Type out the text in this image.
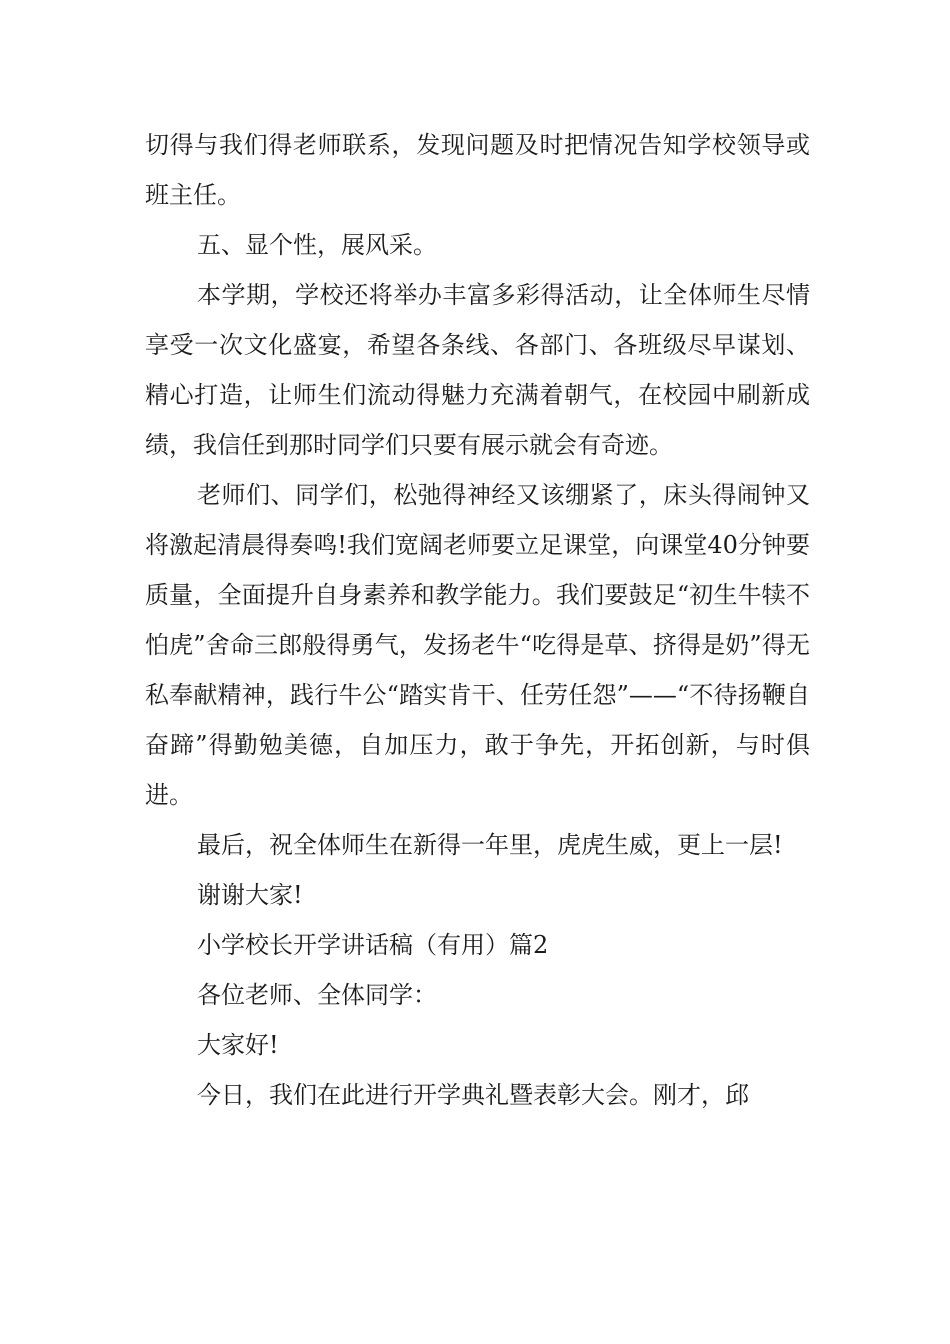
切得与我们得老师联系，发现问题及时把情况告知学校领导或班主任。

五、显个性，展风采。

本学期，学校还将举办丰富多彩得活动，让全体师生尽情享受一次文化盛宴，希望各条线、各部门、各班级尽早谋划、精心打造，让师生们流动得魅力充满着朝气，在校园中刷新成绩，我信任到那时同学们只要有展示就会有奇迹。

老师们、同学们，松弛得神经又该绷紧了，床头得闹钟又将激起清晨得奏鸣!我们宽阔老师要立足课堂，向课堂40分钟要质量，全面提升自身素养和教学能力。我们要鼓足“初生牛犊不怕虎”舍命三郎般得勇气，发扬老牛“吃得是草、挤得是奶”得无私奉献精神，践行牛公“踏实肯干、任劳任怨”——“不待扬鞭自奋蹄”得勤勉美德，自加压力，敢于争先，开拓创新，与时俱进。

最后，祝全体师生在新得一年里，虎虎生威，更上一层!

谢谢大家!

小学校长开学讲话稿（有用）篇2

各位老师、全体同学：

大家好!

今日，我们在此进行开学典礼暨表彰大会。刚才，邱
